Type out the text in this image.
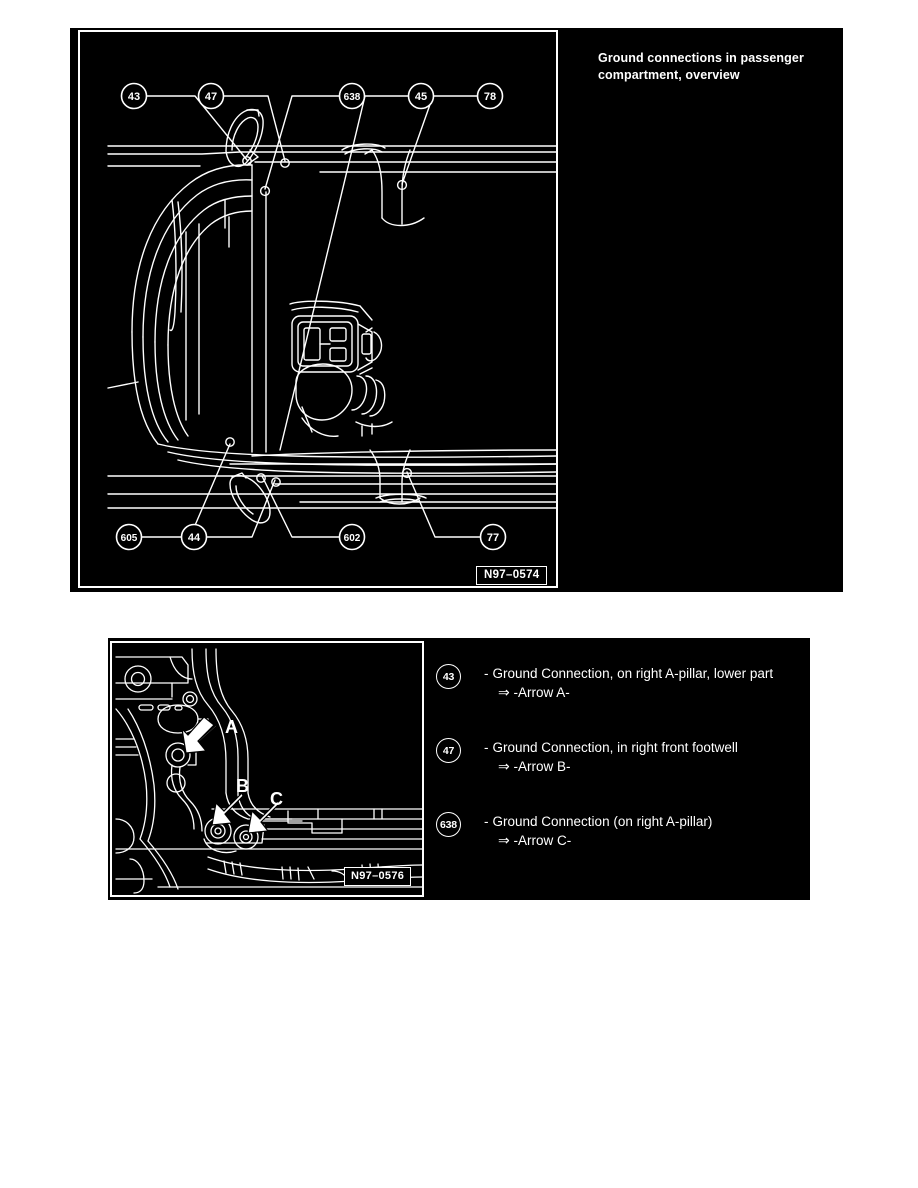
43	47	638	45	78
605	44	602	77
N97–0574
Ground connections in passenger compartment, overview
A
B
C
N97–0576
43	- Ground Connection, on right A-pillar, lower part
⇒ -Arrow A-
47	- Ground Connection, in right front footwell
⇒ -Arrow B-
638 - Ground Connection (on right A-pillar)
⇒ -Arrow C-
